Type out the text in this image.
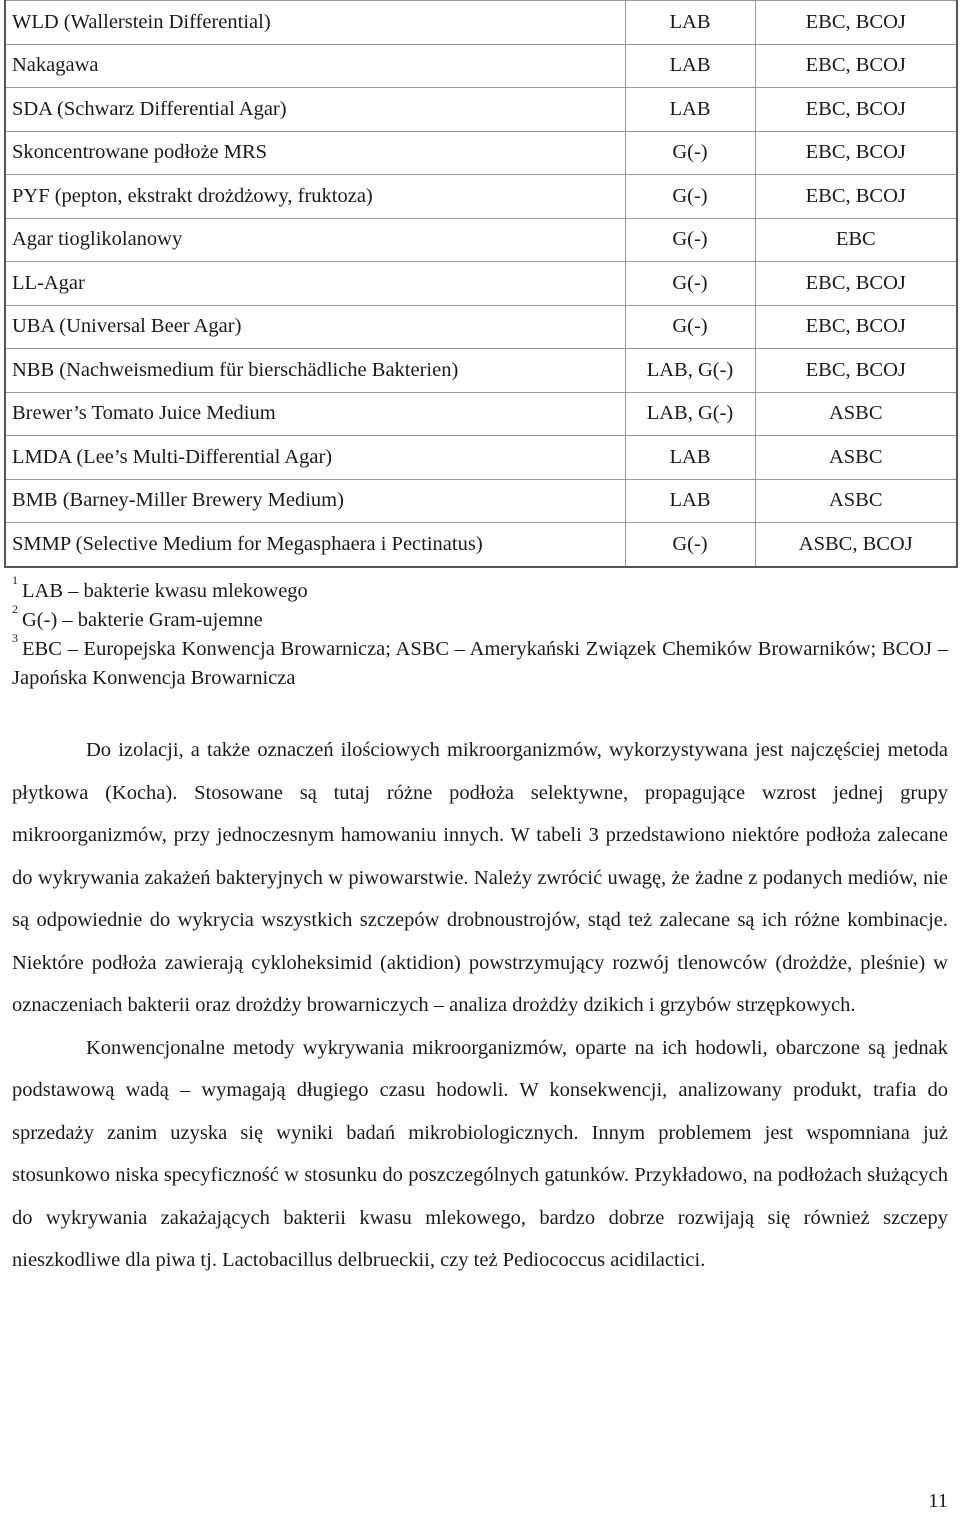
WLD (Wallerstein Differential)	LAB	EBC, BCOJ
Nakagawa	LAB	EBC, BCOJ
SDA (Schwarz Differential Agar)	LAB	EBC, BCOJ
Skoncentrowane podłoże MRS	G(-)	EBC, BCOJ
PYF (pepton, ekstrakt drożdżowy, fruktoza)	G(-)	EBC, BCOJ
Agar tioglikolanowy	G(-)	EBC
LL-Agar	G(-)	EBC, BCOJ
UBA (Universal Beer Agar)	G(-)	EBC, BCOJ
NBB (Nachweismedium für bierschädliche Bakterien)	LAB, G(-)	EBC, BCOJ
Brewer’s Tomato Juice Medium	LAB, G(-)	ASBC
LMDA (Lee’s Multi-Differential Agar)	LAB	ASBC
BMB (Barney-Miller Brewery Medium)	LAB	ASBC
SMMP (Selective Medium for Megasphaera i Pectinatus)	G(-)	ASBC, BCOJ

$^1$ LAB – bakterie kwasu mlekowego

$^2$ G(-) – bakterie Gram-ujemne

$^3$ EBC – Europejska Konwencja Browarnicza; ASBC – Amerykański Związek Chemików Browarników; BCOJ – Japońska Konwencja Browarnicza

Do izolacji, a także oznaczeń ilościowych mikroorganizmów, wykorzystywana jest najczęściej metoda płytkowa (Kocha). Stosowane są tutaj różne podłoża selektywne, propagujące wzrost jednej grupy mikroorganizmów, przy jednoczesnym hamowaniu innych. W tabeli 3 przedstawiono niektóre podłoża zalecane do wykrywania zakażeń bakteryjnych w piwowarstwie. Należy zwrócić uwagę, że żadne z podanych mediów, nie są odpowiednie do wykrycia wszystkich szczepów drobnoustrojów, stąd też zalecane są ich różne kombinacje. Niektóre podłoża zawierają cykloheksimid (aktidion) powstrzymujący rozwój tlenowców (drożdże, pleśnie) w oznaczeniach bakterii oraz drożdży browarniczych – analiza drożdży dzikich i grzybów strzępkowych.

Konwencjonalne metody wykrywania mikroorganizmów, oparte na ich hodowli, obarczone są jednak podstawową wadą – wymagają długiego czasu hodowli. W konsekwencji, analizowany produkt, trafia do sprzedaży zanim uzyska się wyniki badań mikrobiologicznych. Innym problemem jest wspomniana już stosunkowo niska specyficzność w stosunku do poszczególnych gatunków. Przykładowo, na podłożach służących do wykrywania zakażających bakterii kwasu mlekowego, bardzo dobrze rozwijają się również szczepy nieszkodliwe dla piwa tj. Lactobacillus delbrueckii, czy też Pediococcus acidilactici.

11
